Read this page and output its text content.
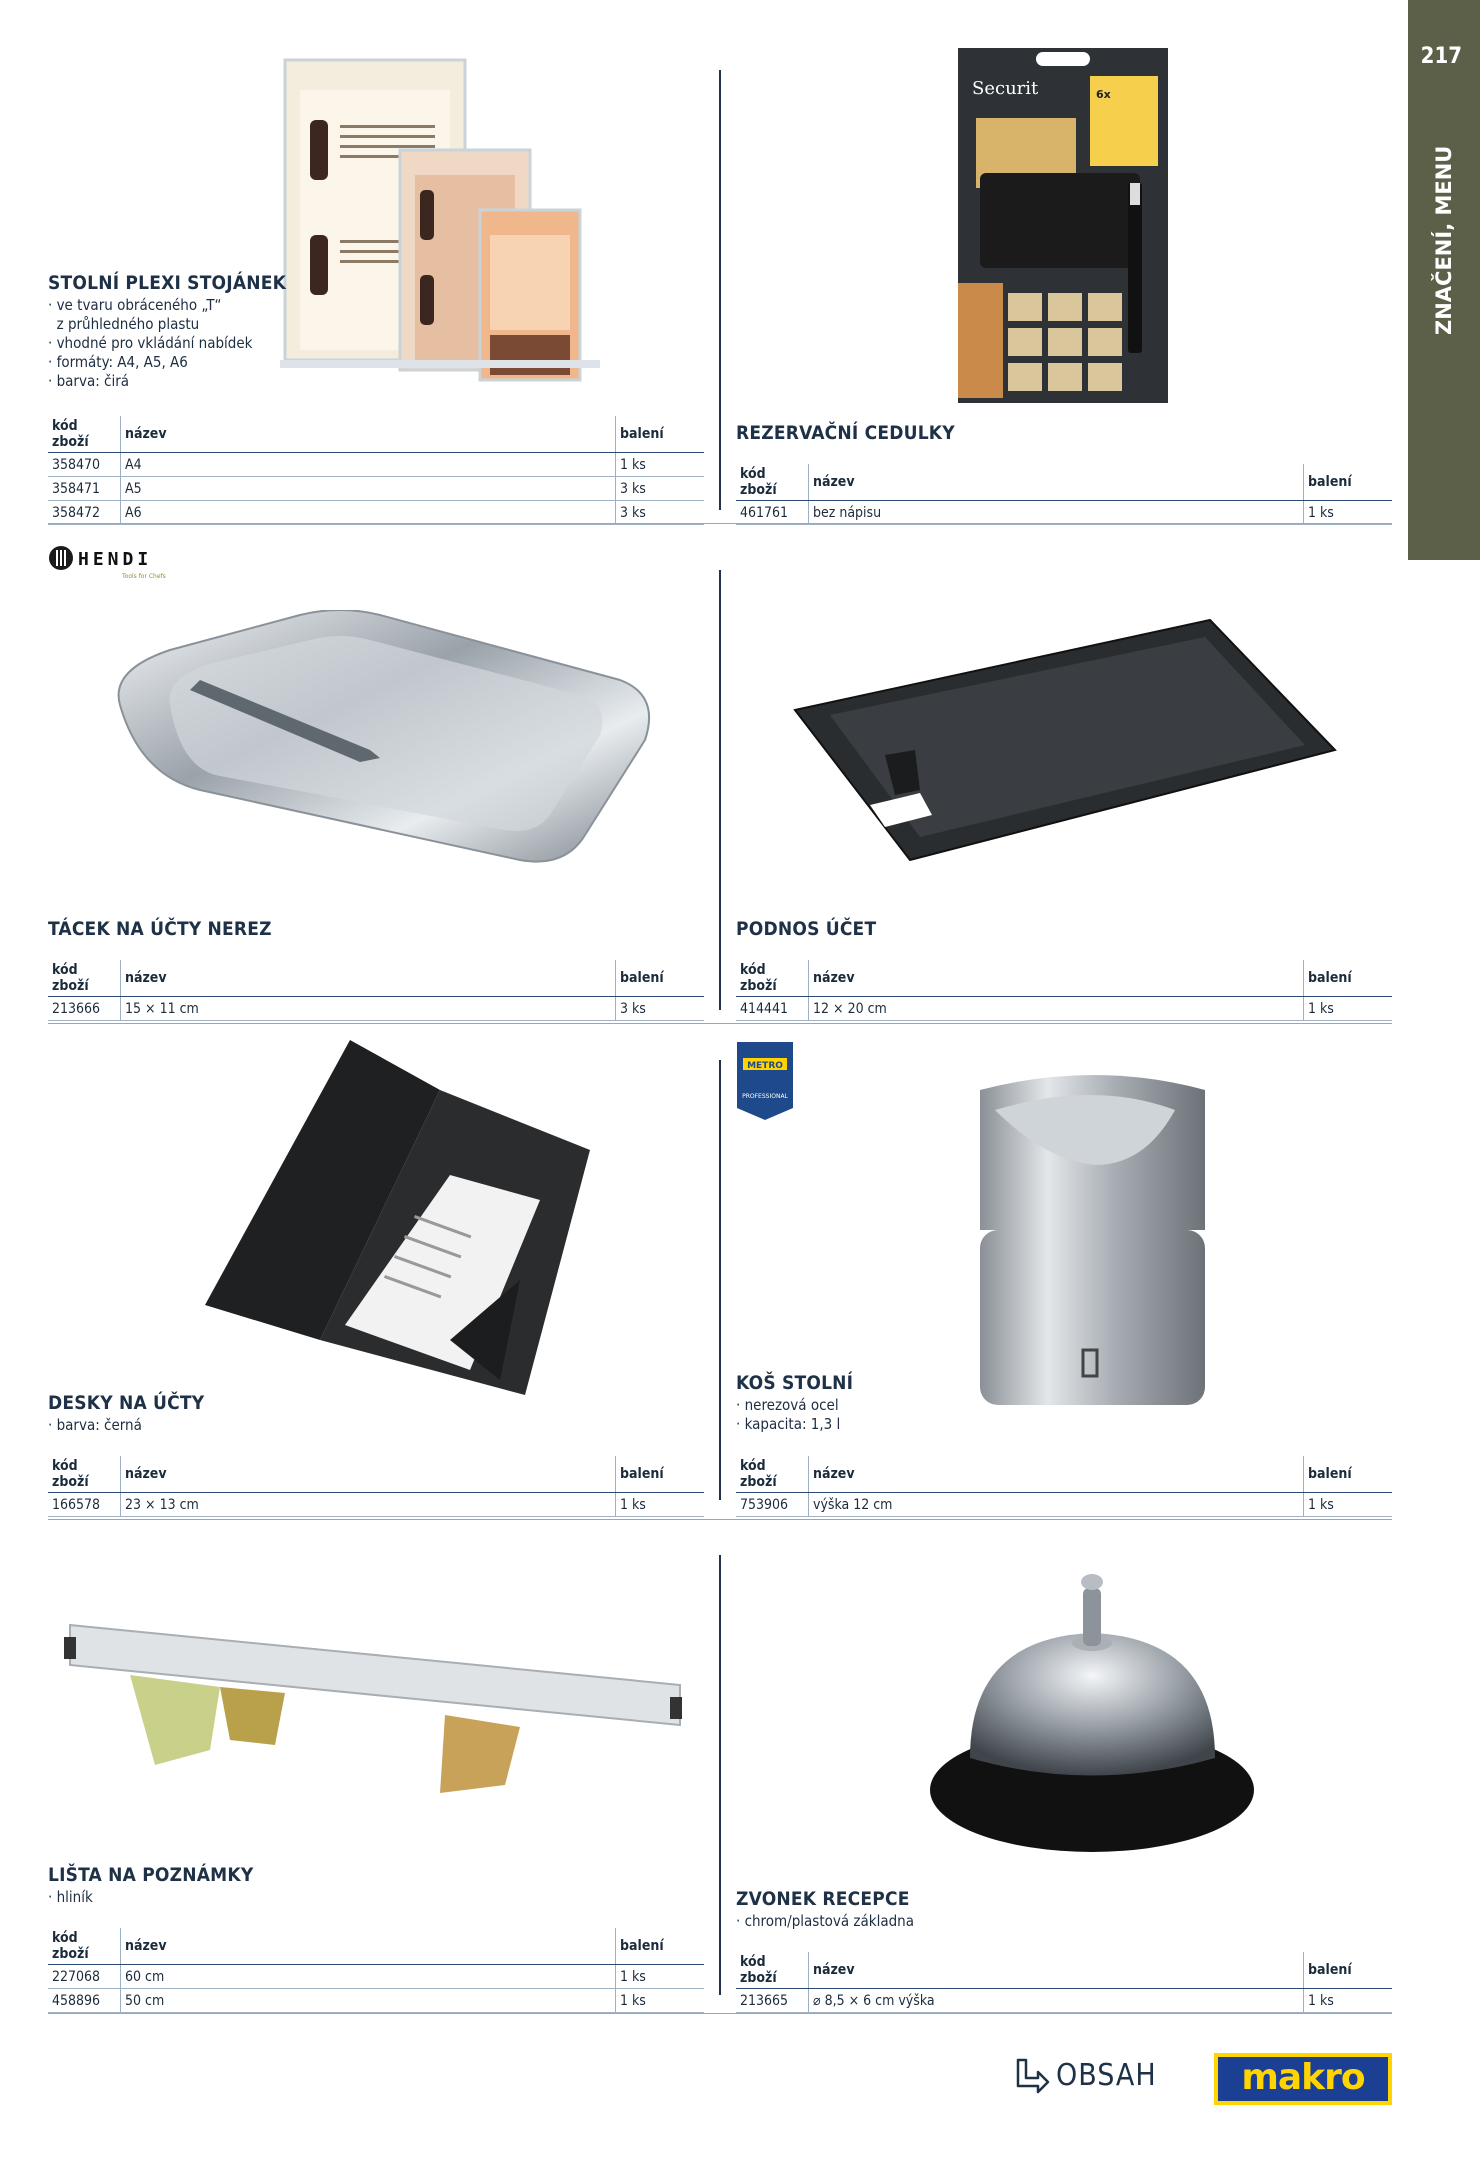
217
ZNAČENÍ, MENU
STOLNÍ PLEXI STOJÁNEK
· ve tvaru obráceného „T“
z průhledného plastu
· vhodné pro vkládání nabídek
· formáty: A4, A5, A6
· barva: čirá
kód zboží	název	balení
358470	A4	1 ks
358471	A5	3 ks
358472	A6	3 ks
Securit	6x
REZERVAČNÍ CEDULKY
kód zboží	název	balení
461761	bez nápisu	1 ks
HENDI
Tools for Chefs
TÁCEK NA ÚČTY NEREZ
kód zboží	název	balení
213666	15 × 11 cm	3 ks
PODNOS ÚČET
kód zboží	název	balení
414441	12 × 20 cm	1 ks
DESKY NA ÚČTY
· barva: černá
kód zboží	název	balení
166578	23 × 13 cm	1 ks
METRO
PROFESSIONAL
KOŠ STOLNÍ
· nerezová ocel
· kapacita: 1,3 l
kód zboží	název	balení
753906	výška 12 cm	1 ks
LIŠTA NA POZNÁMKY
· hliník
kód zboží	název	balení
227068	60 cm	1 ks
458896	50 cm	1 ks
ZVONEK RECEPCE
· chrom/plastová základna
kód zboží	název	balení
213665	⌀ 8,5 × 6 cm výška	1 ks
OBSAH	makro
